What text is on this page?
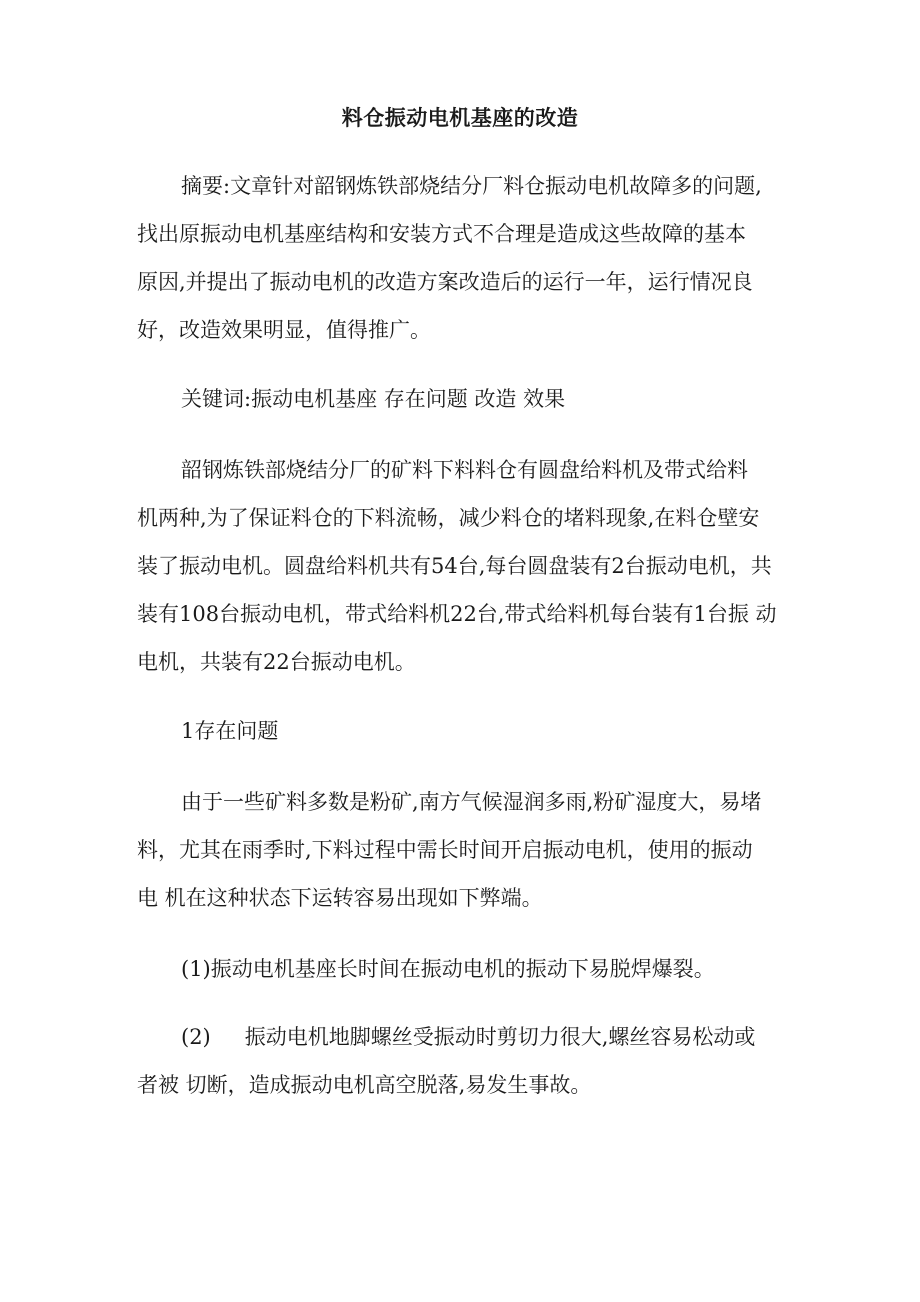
料仓振动电机基座的改造
摘要:文章针对韶钢炼铁部烧结分厂料仓振动电机故障多的问题,
找出原振动电机基座结构和安装方式不合理是造成这些故障的基本
原因,并提出了振动电机的改造方案改造后的运行一年，运行情况良
好，改造效果明显，值得推广。
关键词:振动电机基座 存在问题 改造 效果
韶钢炼铁部烧结分厂的矿料下料料仓有圆盘给料机及带式给料
机两种,为了保证料仓的下料流畅，减少料仓的堵料现象,在料仓壁安
装了振动电机。圆盘给料机共有54台,每台圆盘装有2台振动电机，共
装有108台振动电机，带式给料机22台,带式给料机每台装有1台振 动
电机，共装有22台振动电机。
1存在问题
由于一些矿料多数是粉矿,南方气候湿润多雨,粉矿湿度大，易堵
料，尤其在雨季时,下料过程中需长时间开启振动电机，使用的振动
电 机在这种状态下运转容易出现如下弊端。
(1)振动电机基座长时间在振动电机的振动下易脱焊爆裂。
(2) 振动电机地脚螺丝受振动时剪切力很大,螺丝容易松动或
者被 切断，造成振动电机高空脱落,易发生事故。
